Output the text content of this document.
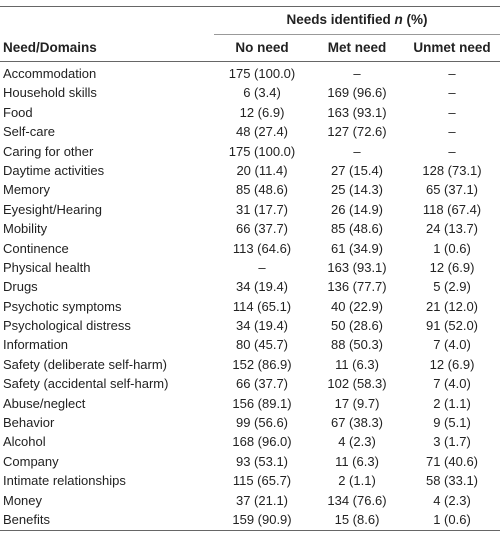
Needs identified n (%)
Need/Domains	No need	Met need	Unmet need
Accommodation	175 (100.0)	–	–
Household skills	6 (3.4)	169 (96.6)	–
Food	12 (6.9)	163 (93.1)	–
Self-care	48 (27.4)	127 (72.6)	–
Caring for other	175 (100.0)	–	–
Daytime activities	20 (11.4)	27 (15.4)	128 (73.1)
Memory	85 (48.6)	25 (14.3)	65 (37.1)
Eyesight/Hearing	31 (17.7)	26 (14.9)	118 (67.4)
Mobility	66 (37.7)	85 (48.6)	24 (13.7)
Continence	113 (64.6)	61 (34.9)	1 (0.6)
Physical health	–	163 (93.1)	12 (6.9)
Drugs	34 (19.4)	136 (77.7)	5 (2.9)
Psychotic symptoms	114 (65.1)	40 (22.9)	21 (12.0)
Psychological distress	34 (19.4)	50 (28.6)	91 (52.0)
Information	80 (45.7)	88 (50.3)	7 (4.0)
Safety (deliberate self-harm)	152 (86.9)	11 (6.3)	12 (6.9)
Safety (accidental self-harm)	66 (37.7)	102 (58.3)	7 (4.0)
Abuse/neglect	156 (89.1)	17 (9.7)	2 (1.1)
Behavior	99 (56.6)	67 (38.3)	9 (5.1)
Alcohol	168 (96.0)	4 (2.3)	3 (1.7)
Company	93 (53.1)	11 (6.3)	71 (40.6)
Intimate relationships	115 (65.7)	2 (1.1)	58 (33.1)
Money	37 (21.1)	134 (76.6)	4 (2.3)
Benefits	159 (90.9)	15 (8.6)	1 (0.6)
